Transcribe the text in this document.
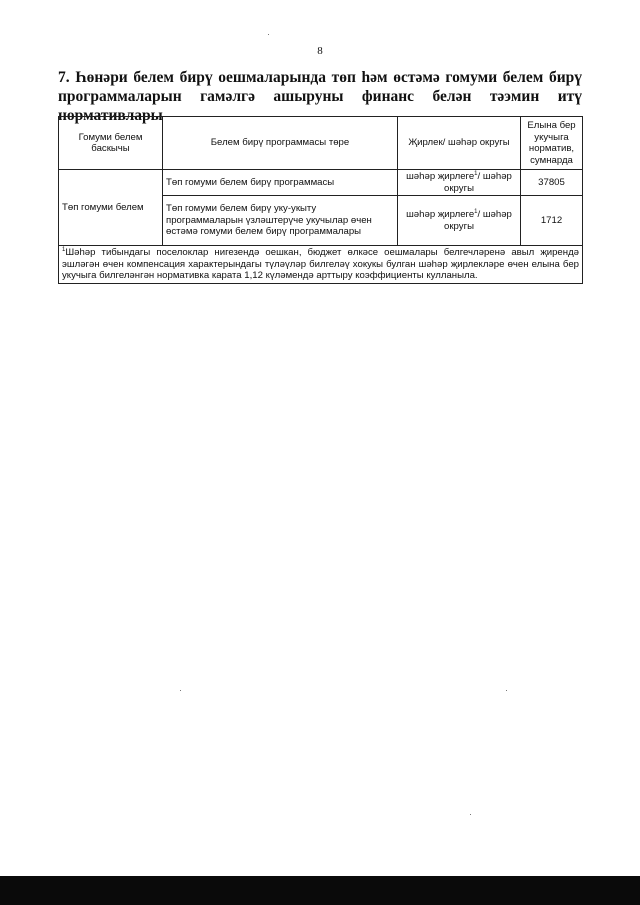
8
7. Һөнәри белем бирү оешмаларында төп һәм өстәмә гомуми белем бирү программаларын гамәлгә ашыруны финанс белән тәэмин итү нормативлары
Гомуми белем баскычы	Белем бирү программасы төре	Җирлек/ шәһәр округы	Елына бер укучыга норматив, сумнарда
Төп гомуми белем	Төп гомуми белем бирү программасы	шәһәр җирлеге$^1$/ шәһәр округы	37805
	Төп гомуми белем бирү уку-укыту программаларын үзләштерүче укучылар өчен өстәмә гомуми белем бирү программалары	шәһәр җирлеге$^1$/ шәһәр округы	1712
$^1$Шәһәр тибындагы поселоклар нигезендә оешкан, бюджет өлкәсе оешмалары белгечләренә авыл җирендә эшләгән өчен компенсация характерындагы түләүләр билгеләү хокукы булган шәһәр җирлекләре өчен елына бер укучыга билгеләнгән нормативка карата 1,12 күләмендә арттыру коэффициенты кулланыла.			
